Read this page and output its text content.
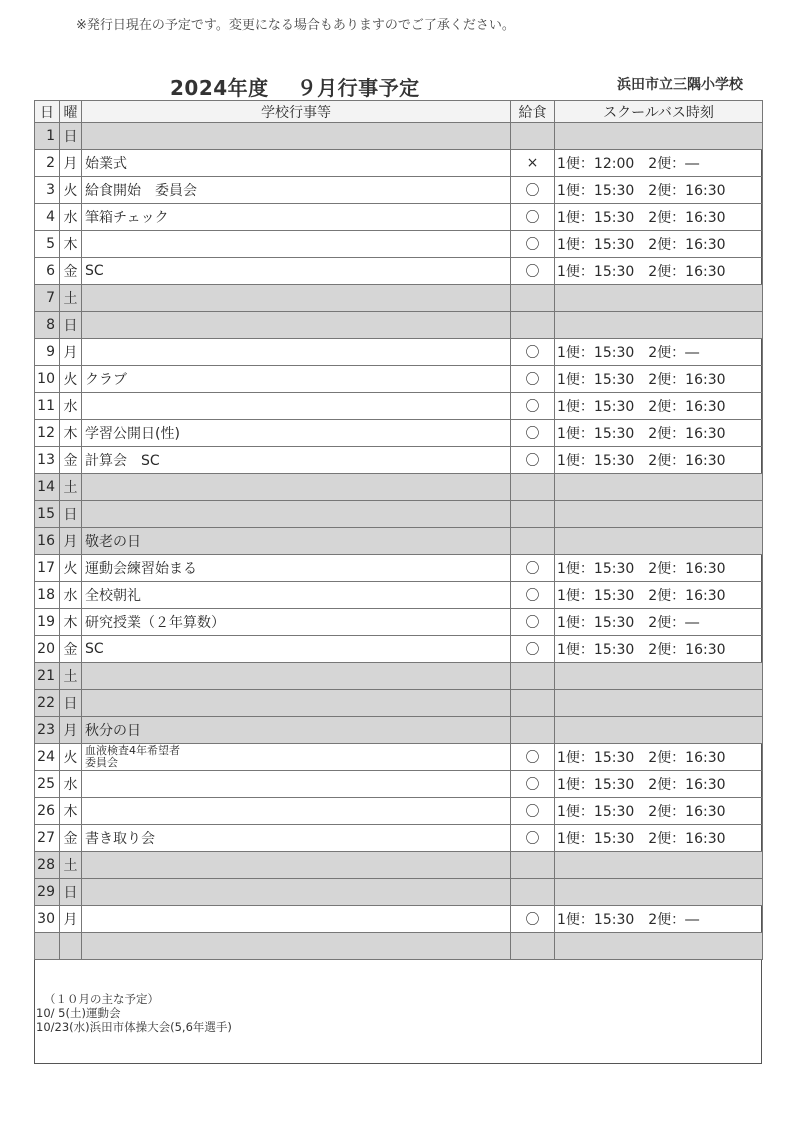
※発行日現在の予定です。変更になる場合もありますのでご了承ください。
2024年度　 ９月行事予定	浜田市立三隅小学校
日	曜	学校行事等	給食	スクールバス時刻
1	日			
2	月	始業式	×	1便：12:00　2便：―
3	火	給食開始　委員会	〇	1便：15:30　2便：16:30
4	水	筆箱チェック	〇	1便：15:30　2便：16:30
5	木		〇	1便：15:30　2便：16:30
6	金	SC	〇	1便：15:30　2便：16:30
7	土			
8	日			
9	月		〇	1便：15:30　2便：―
10	火	クラブ	〇	1便：15:30　2便：16:30
11	水		〇	1便：15:30　2便：16:30
12	木	学習公開日(性)	〇	1便：15:30　2便：16:30
13	金	計算会　SC	〇	1便：15:30　2便：16:30
14	土			
15	日			
16	月	敬老の日		
17	火	運動会練習始まる	〇	1便：15:30　2便：16:30
18	水	全校朝礼	〇	1便：15:30　2便：16:30
19	木	研究授業（２年算数）	〇	1便：15:30　2便：―
20	金	SC	〇	1便：15:30　2便：16:30
21	土			
22	日			
23	月	秋分の日		
24	火	血液検査4年希望者
委員会	〇	1便：15:30　2便：16:30
25	水		〇	1便：15:30　2便：16:30
26	木		〇	1便：15:30　2便：16:30
27	金	書き取り会	〇	1便：15:30　2便：16:30
28	土			
29	日			
30	月		〇	1便：15:30　2便：―

（１０月の主な予定）
10/ 5(土)運動会
10/23(水)浜田市体操大会(5,6年選手)
